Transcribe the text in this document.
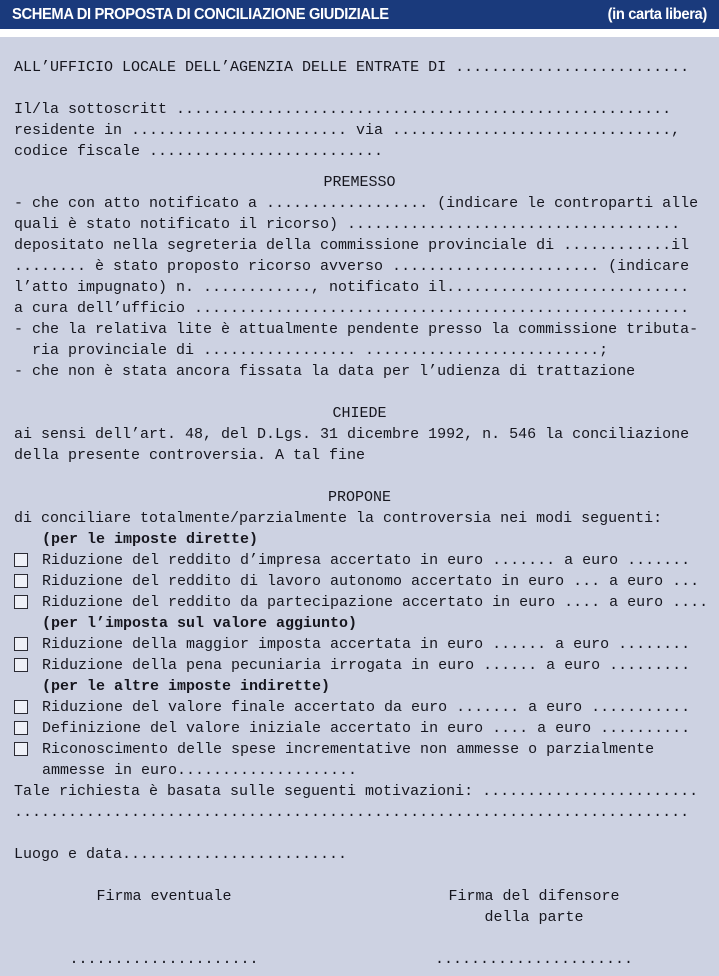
SCHEMA DI PROPOSTA DI CONCILIAZIONE GIUDIZIALE	(in carta libera)
ALL’UFFICIO LOCALE DELL’AGENZIA DELLE ENTRATE DI ..........................
Il/la sottoscritt .......................................................
residente in ........................ via ...............................,
codice fiscale ..........................
PREMESSO
- che con atto notificato a .................. (indicare le controparti alle
quali è stato notificato il ricorso) .....................................
depositato nella segreteria della commissione provinciale di ............il
........ è stato proposto ricorso avverso ....................... (indicare
l’atto impugnato) n. ............, notificato il...........................
a cura dell’ufficio .......................................................
- che la relativa lite è attualmente pendente presso la commissione tributa-
ria provinciale di ................. ..........................;
- che non è stata ancora fissata la data per l’udienza di trattazione
CHIEDE
ai sensi dell’art. 48, del D.Lgs. 31 dicembre 1992, n. 546 la conciliazione
della presente controversia. A tal fine
PROPONE
di conciliare totalmente/parzialmente la controversia nei modi seguenti:
(per le imposte dirette)
Riduzione del reddito d’impresa accertato in euro ....... a euro .......
Riduzione del reddito di lavoro autonomo accertato in euro ... a euro ...
Riduzione del reddito da partecipazione accertato in euro .... a euro ....
(per l’imposta sul valore aggiunto)
Riduzione della maggior imposta accertata in euro ...... a euro ........
Riduzione della pena pecuniaria irrogata in euro ...... a euro .........
(per le altre imposte indirette)
Riduzione del valore finale accertato da euro ....... a euro ...........
Definizione del valore iniziale accertato in euro .... a euro ..........
Riconoscimento delle spese incrementative non ammesse o parzialmente
ammesse in euro....................
Tale richiesta è basata sulle seguenti motivazioni: ........................
...........................................................................
Luogo e data.........................
Firma eventuale
.....................
Firma del difensore
della parte
......................
